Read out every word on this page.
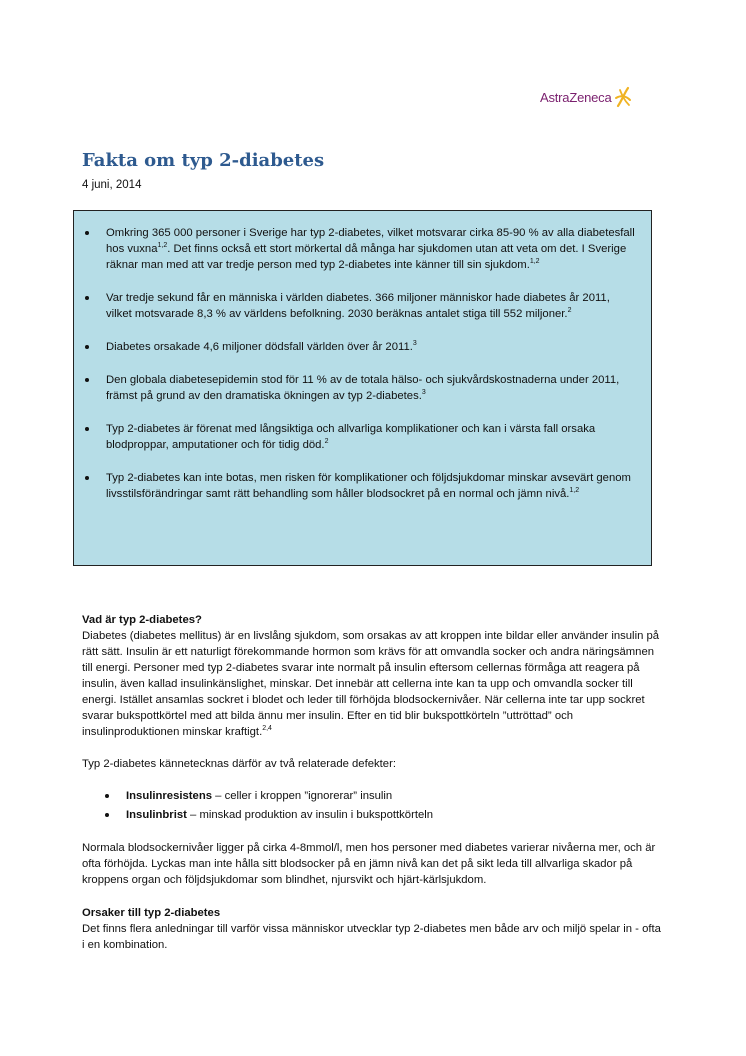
AstraZeneca
Fakta om typ 2-diabetes
4 juni, 2014
Omkring 365 000 personer i Sverige har typ 2-diabetes, vilket motsvarar cirka 85-90 % av alla diabetesfall hos vuxna$^{1,2}$. Det finns också ett stort mörkertal då många har sjukdomen utan att veta om det. I Sverige räknar man med att var tredje person med typ 2-diabetes inte känner till sin sjukdom.$^{1,2}$
Var tredje sekund får en människa i världen diabetes. 366 miljoner människor hade diabetes år 2011, vilket motsvarade 8,3 % av världens befolkning. 2030 beräknas antalet stiga till 552 miljoner.$^2$
Diabetes orsakade 4,6 miljoner dödsfall världen över år 2011.$^3$
Den globala diabetesepidemin stod för 11 % av de totala hälso- och sjukvårdskostnaderna under 2011, främst på grund av den dramatiska ökningen av typ 2-diabetes.$^3$
Typ 2-diabetes är förenat med långsiktiga och allvarliga komplikationer och kan i värsta fall orsaka blodproppar, amputationer och för tidig död.$^2$
Typ 2-diabetes kan inte botas, men risken för komplikationer och följdsjukdomar minskar avsevärt genom livsstilsförändringar samt rätt behandling som håller blodsockret på en normal och jämn nivå.$^{1,2}$
Vad är typ 2-diabetes?

Diabetes (diabetes mellitus) är en livslång sjukdom, som orsakas av att kroppen inte bildar eller använder insulin på rätt sätt. Insulin är ett naturligt förekommande hormon som krävs för att omvandla socker och andra näringsämnen till energi. Personer med typ 2-diabetes svarar inte normalt på insulin eftersom cellernas förmåga att reagera på insulin, även kallad insulinkänslighet, minskar. Det innebär att cellerna inte kan ta upp och omvandla socker till energi. Istället ansamlas sockret i blodet och leder till förhöjda blodsockernivåer. När cellerna inte tar upp sockret svarar bukspottkörtel med att bilda ännu mer insulin. Efter en tid blir bukspottkörteln ”uttröttad” och insulinproduktionen minskar kraftigt.$^{2,4}$

Typ 2-diabetes kännetecknas därför av två relaterade defekter:

Insulinresistens – celler i kroppen ”ignorerar” insulin
Insulinbrist – minskad produktion av insulin i bukspottkörteln

Normala blodsockernivåer ligger på cirka 4-8mmol/l, men hos personer med diabetes varierar nivåerna mer, och är ofta förhöjda. Lyckas man inte hålla sitt blodsocker på en jämn nivå kan det på sikt leda till allvarliga skador på kroppens organ och följdsjukdomar som blindhet, njursvikt och hjärt-kärlsjukdom.

Orsaker till typ 2-diabetes

Det finns flera anledningar till varför vissa människor utvecklar typ 2-diabetes men både arv och miljö spelar in - ofta i en kombination.
